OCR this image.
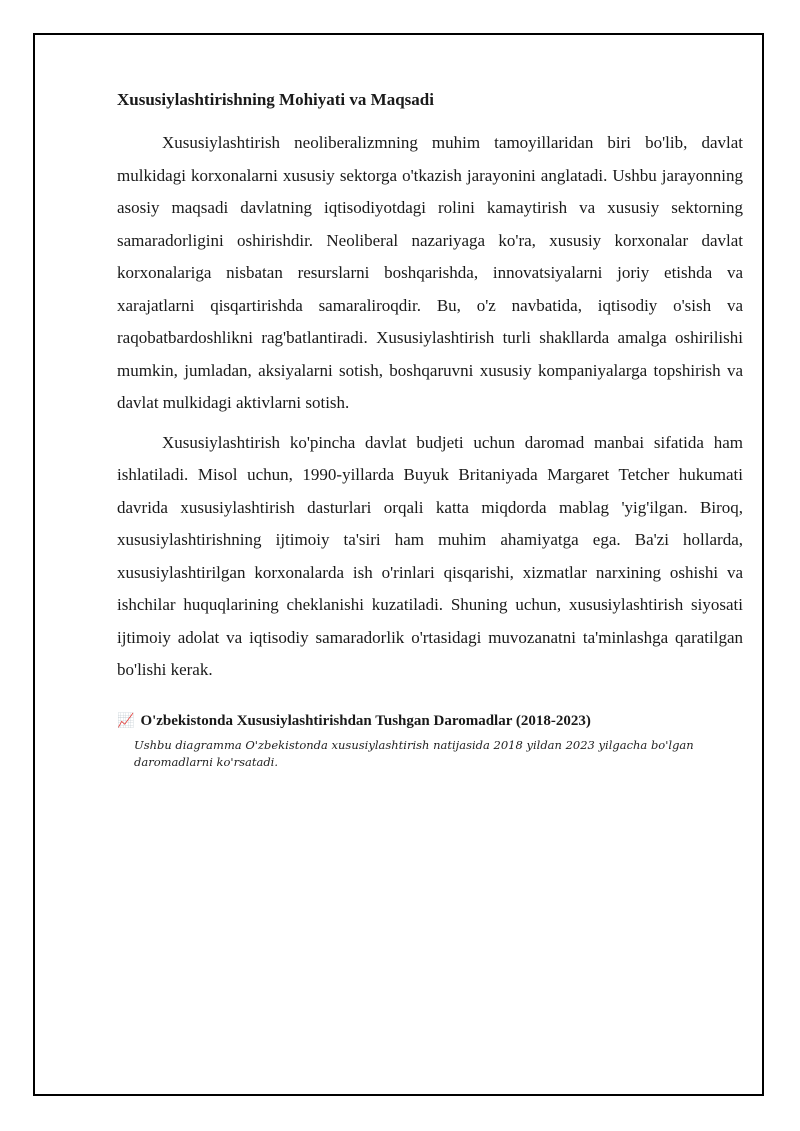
Xususiylashtirishning Mohiyati va Maqsadi

Xususiylashtirish neoliberalizmning muhim tamoyillaridan biri bo'lib, davlat mulkidagi korxonalarni xususiy sektorga o'tkazish jarayonini anglatadi. Ushbu jarayonning asosiy maqsadi davlatning iqtisodiyotdagi rolini kamaytirish va xususiy sektorning samaradorligini oshirishdir. Neoliberal nazariyaga ko'ra, xususiy korxonalar davlat korxonalariga nisbatan resurslarni boshqarishda, innovatsiyalarni joriy etishda va xarajatlarni qisqartirishda samaraliroqdir. Bu, o'z navbatida, iqtisodiy o'sish va raqobatbardoshlikni rag'batlantiradi. Xususiylashtirish turli shakllarda amalga oshirilishi mumkin, jumladan, aksiyalarni sotish, boshqaruvni xususiy kompaniyalarga topshirish va davlat mulkidagi aktivlarni sotish.

Xususiylashtirish ko'pincha davlat budjeti uchun daromad manbai sifatida ham ishlatiladi. Misol uchun, 1990-yillarda Buyuk Britaniyada Margaret Tetcher hukumati davrida xususiylashtirish dasturlari orqali katta miqdorda mablag 'yig'ilgan. Biroq, xususiylashtirishning ijtimoiy ta'siri ham muhim ahamiyatga ega. Ba'zi hollarda, xususiylashtirilgan korxonalarda ish o'rinlari qisqarishi, xizmatlar narxining oshishi va ishchilar huquqlarining cheklanishi kuzatiladi. Shuning uchun, xususiylashtirish siyosati ijtimoiy adolat va iqtisodiy samaradorlik o'rtasidagi muvozanatni ta'minlashga qaratilgan bo'lishi kerak.

📈 O'zbekistonda Xususiylashtirishdan Tushgan Daromadlar (2018-2023)
Ushbu diagramma O'zbekistonda xususiylashtirish natijasida 2018 yildan 2023 yilgacha bo'lgan daromadlarni ko'rsatadi.
